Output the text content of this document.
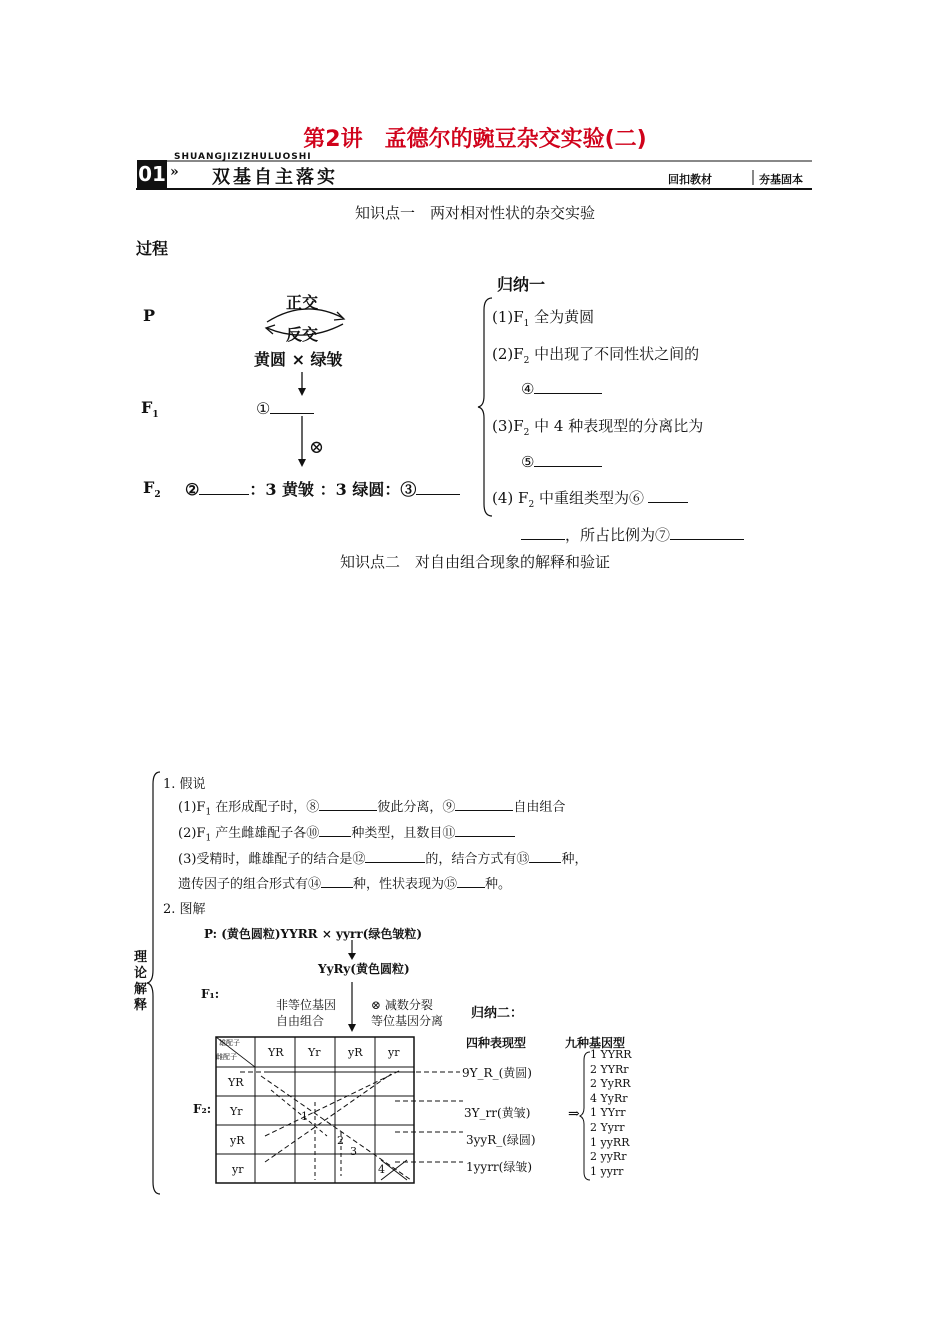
第2讲　孟德尔的豌豆杂交实验(二)
01
SHUANGJIZIZHULUOSHI
» 双基自主落实	回扣教材	夯基固本
知识点一　两对相对性状的杂交实验
过程
P
$F_1$
$F_2$
正交
反交
黄圆 × 绿皱
①
⊗
②	：3 黄皱 ：3 绿圆：③
归纳一
$(1)F_1$ 全为黄圆
$(2)F_2$ 中出现了不同性状之间的
④
$(3)F_2$ 中 4 种表现型的分离比为
⑤
(4) $F_2$ 中重组类型为⑥
，所占比例为⑦
知识点二　对自由组合现象的解释和验证
理
论
解
释
1. 假说
$(1)F_1$ 在形成配子时，⑧	彼此分离，⑨	自由组合
$(2)F_1$ 产生雌雄配子各⑩ 种类型，且数目⑪
(3)受精时，雌雄配子的结合是⑫	的，结合方式有⑬ 种，
遗传因子的组合形式有⑭ 种，性状表现为⑮ 种。
2. 图解
P: (黄色圆粒)YYRR × yyrr(绿色皱粒)
YyRy(黄色圆粒)
F₁:
非等位基因
自由组合
⊗ 减数分裂
等位基因分离 归纳二：
四种表现型	九种基因型
F₂:
雄配子
雌配子	YR Yr yR yr
YR
Yr
yR
yr
1
2
3
4
9Y_R_(黄圆)
3Y_rr(黄皱)
3yyR_(绿圆)
1yyrr(绿皱)
⇒
1 YYRR
2 YYRr
2 YyRR
4 YyRr
1 YYrr
2 Yyrr
1 yyRR
2 yyRr
1 yyrr
